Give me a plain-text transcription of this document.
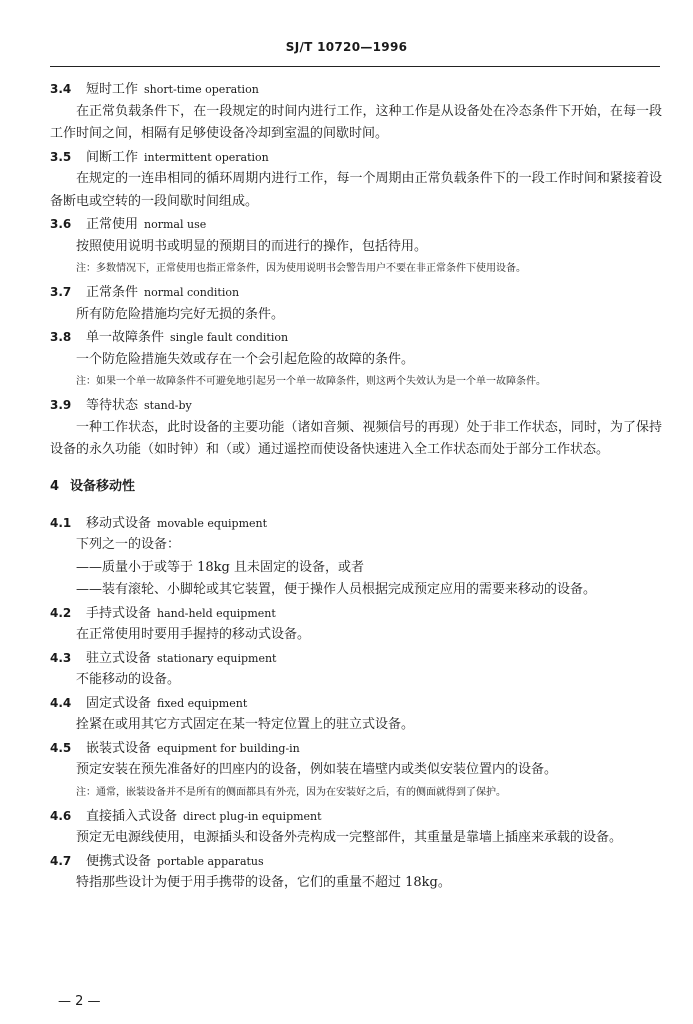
SJ/T 10720—1996
3.4 短时工作 short-time operation

在正常负载条件下，在一段规定的时间内进行工作，这种工作是从设备处在冷态条件下开始，在每一段工作时间之间，相隔有足够使设备冷却到室温的间歇时间。

3.5 间断工作 intermittent operation

在规定的一连串相同的循环周期内进行工作，每一个周期由正常负载条件下的一段工作时间和紧接着设备断电或空转的一段间歇时间组成。

3.6 正常使用 normal use

按照使用说明书或明显的预期目的而进行的操作，包括待用。

注：多数情况下，正常使用也指正常条件，因为使用说明书会警告用户不要在非正常条件下使用设备。
3.7 正常条件 normal condition

所有防危险措施均完好无损的条件。

3.8 单一故障条件 single fault condition

一个防危险措施失效或存在一个会引起危险的故障的条件。

注：如果一个单一故障条件不可避免地引起另一个单一故障条件，则这两个失效认为是一个单一故障条件。
3.9 等待状态 stand-by

一种工作状态，此时设备的主要功能（诸如音频、视频信号的再现）处于非工作状态，同时，为了保持设备的永久功能（如时钟）和（或）通过遥控而使设备快速进入全工作状态而处于部分工作状态。

4 设备移动性
4.1 移动式设备 movable equipment

下列之一的设备：

——质量小于或等于 18kg 且未固定的设备，或者

——装有滚轮、小脚轮或其它装置，便于操作人员根据完成预定应用的需要来移动的设备。

4.2 手持式设备 hand-held equipment

在正常使用时要用手握持的移动式设备。

4.3 驻立式设备 stationary equipment

不能移动的设备。

4.4 固定式设备 fixed equipment

拴紧在或用其它方式固定在某一特定位置上的驻立式设备。

4.5 嵌装式设备 equipment for building-in

预定安装在预先准备好的凹座内的设备，例如装在墙壁内或类似安装位置内的设备。

注：通常，嵌装设备并不是所有的侧面都具有外壳，因为在安装好之后，有的侧面就得到了保护。
4.6 直接插入式设备 direct plug-in equipment

预定无电源线使用，电源插头和设备外壳构成一完整部件，其重量是靠墙上插座来承载的设备。

4.7 便携式设备 portable apparatus

特指那些设计为便于用手携带的设备，它们的重量不超过 18kg。

— 2 —
